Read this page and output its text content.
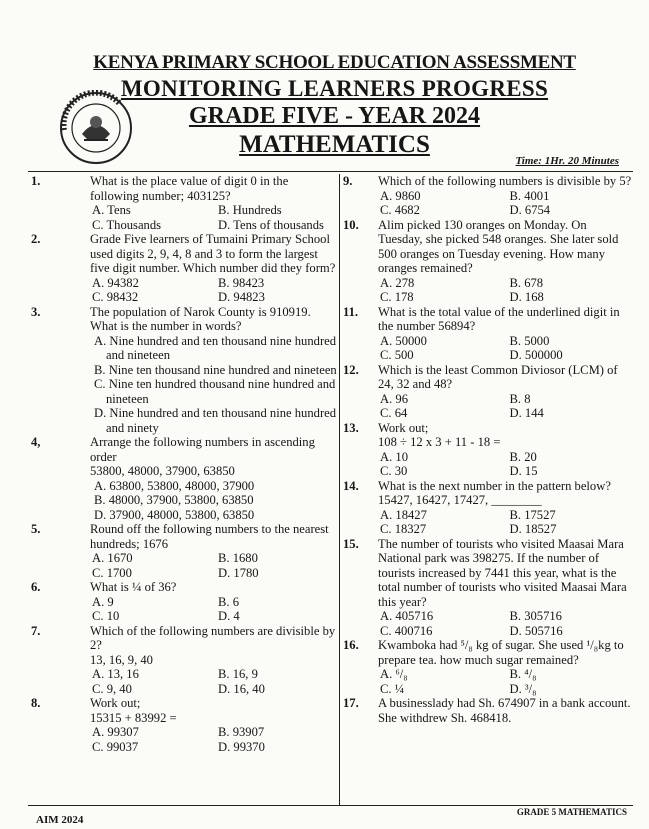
KENYA PRIMARY SCHOOL EDUCATION ASSESSMENT
MONITORING LEARNERS PROGRESS
GRADE FIVE - YEAR 2024
MATHEMATICS
Time: 1Hr. 20 Minutes
1.	What is the place value of digit 0 in the following number; 403125?
A. Tens	B. Hundreds
C. Thousands	D. Tens of thousands
2.	Grade Five learners of Tumaini Primary School used digits 2, 9, 4, 8 and 3 to form the largest five digit number. Which number did they form?
A. 94382	B. 98423
C. 98432	D. 94823
3.	The population of Narok County is 910919. What is the number in words?
A. Nine hundred and ten thousand nine hundred and nineteen
B. Nine ten thousand nine hundred and nineteen
C. Nine ten hundred thousand nine hundred and nineteen
D. Nine hundred and ten thousand nine hundred and ninety
4,	Arrange the following numbers in ascending order
53800, 48000, 37900, 63850
A. 63800, 53800, 48000, 37900
B. 48000, 37900, 53800, 63850
D. 37900, 48000, 53800, 63850
5.	Round off the following numbers to the nearest hundreds; 1676
A. 1670	B. 1680
C. 1700	D. 1780
6.	What is ¼ of 36?
A. 9	B. 6
C. 10	D. 4
7.	Which of the following numbers are divisible by 2?
13, 16, 9, 40
A. 13, 16	B. 16, 9
C. 9, 40	D. 16, 40
8.	Work out;
15315 + 83992 =
A. 99307	B. 93907
C. 99037	D. 99370
9. Which of the following numbers is divisible by 5?
A. 9860	B. 4001
C. 4682	D. 6754
10. Alim picked 130 oranges on Monday. On Tuesday, she picked 548 oranges. She later sold 500 oranges on Tuesday evening. How many oranges remained?
A. 278	B. 678
C. 178	D. 168
11. What is the total value of the underlined digit in the number 56894?
A. 50000	B. 5000
C. 500	D. 500000
12. Which is the least Common Diviosor (LCM) of 24, 32 and 48?
A. 96	B. 8
C. 64	D. 144
13. Work out;
108 ÷ 12 x 3 + 11 - 18 =
A. 10	B. 20
C. 30	D. 15
14. What is the next number in the pattern below?
15427, 16427, 17427, ________
A. 18427	B. 17527
C. 18327	D. 18527
15. The number of tourists who visited Maasai Mara National park was 398275. If the number of tourists increased by 7441 this year, what is the total number of tourists who visited Maasai Mara this year?
A. 405716	B. 305716
C. 400716	D. 505716
16. Kwamboka had ⁵/₈ kg of sugar. She used ¹/₈kg to prepare tea. how much sugar remained?
A. ⁶/₈	B. ⁴/₈
C. ¼	D. ³/₈
17. A businesslady had Sh. 674907 in a bank account. She withdrew Sh. 468418.
AIM 2024
GRADE 5 MATHEMATICS
